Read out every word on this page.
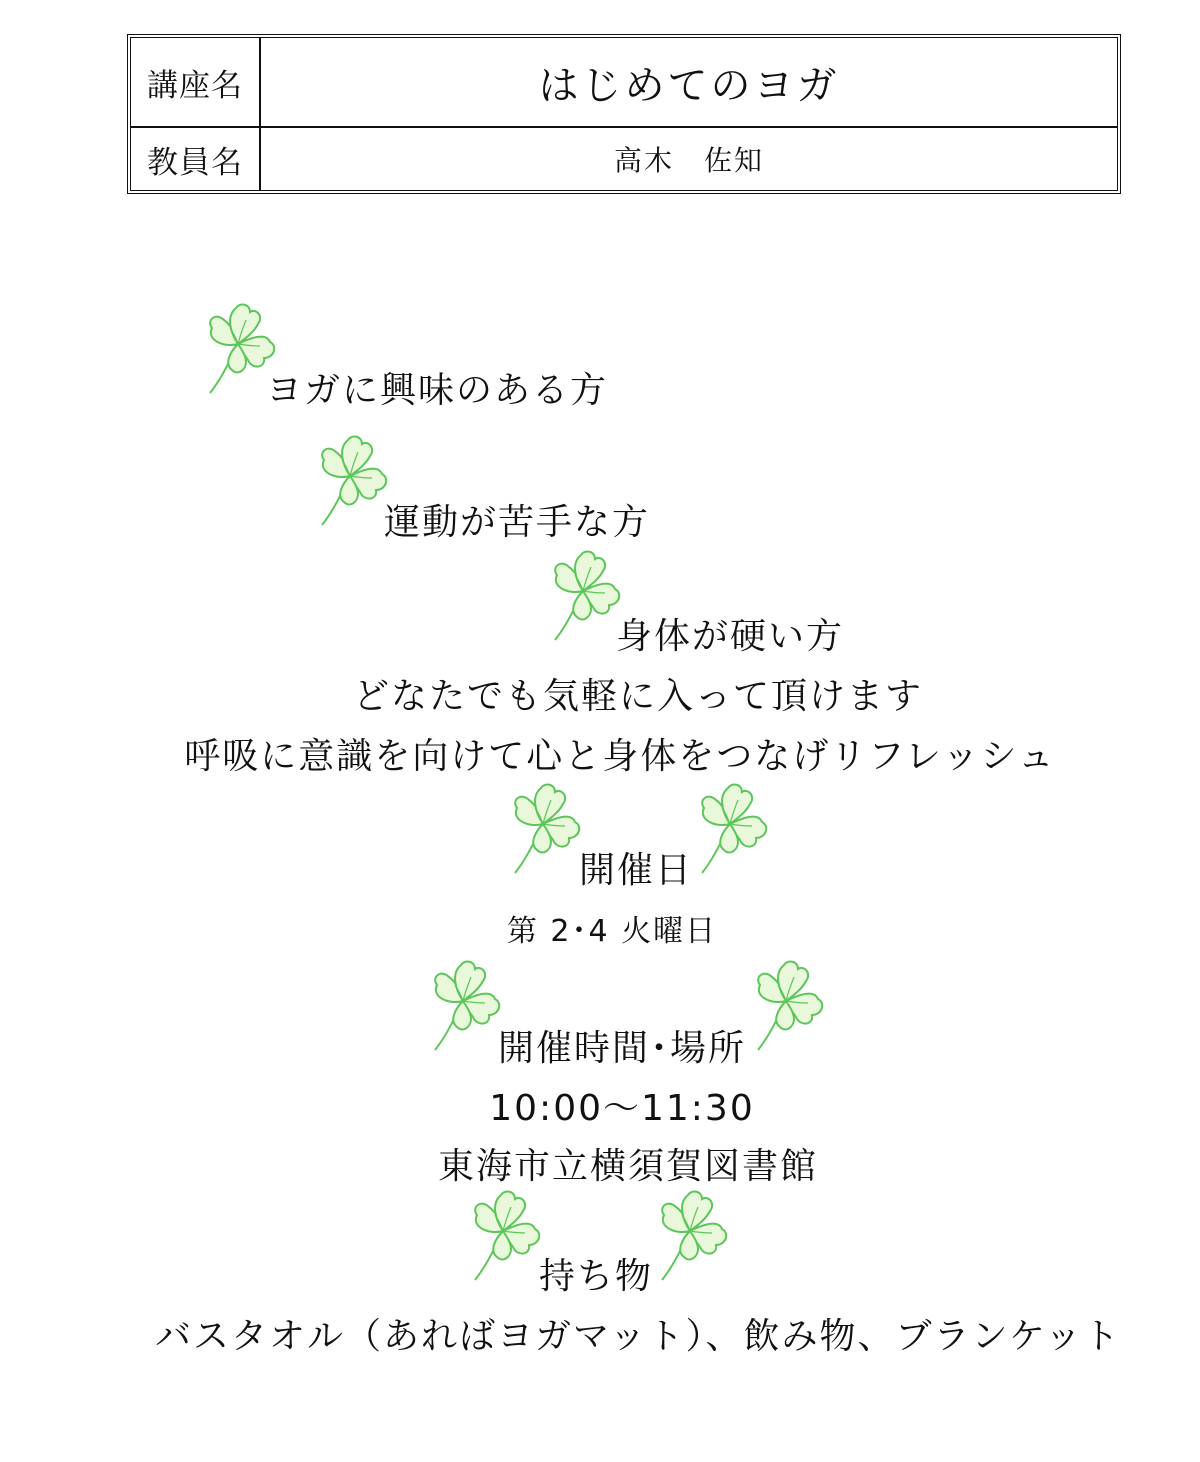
講座名	はじめてのヨガ
教員名	高木　佐知
ヨガに興味のある方
運動が苦手な方
身体が硬い方
どなたでも気軽に入って頂けます
呼吸に意識を向けて心と身体をつなげリフレッシュ
開催日
第 2･4 火曜日
開催時間･場所
10:00～11:30
東海市立横須賀図書館
持ち物
バスタオル（あればヨガマット）、飲み物、ブランケット
